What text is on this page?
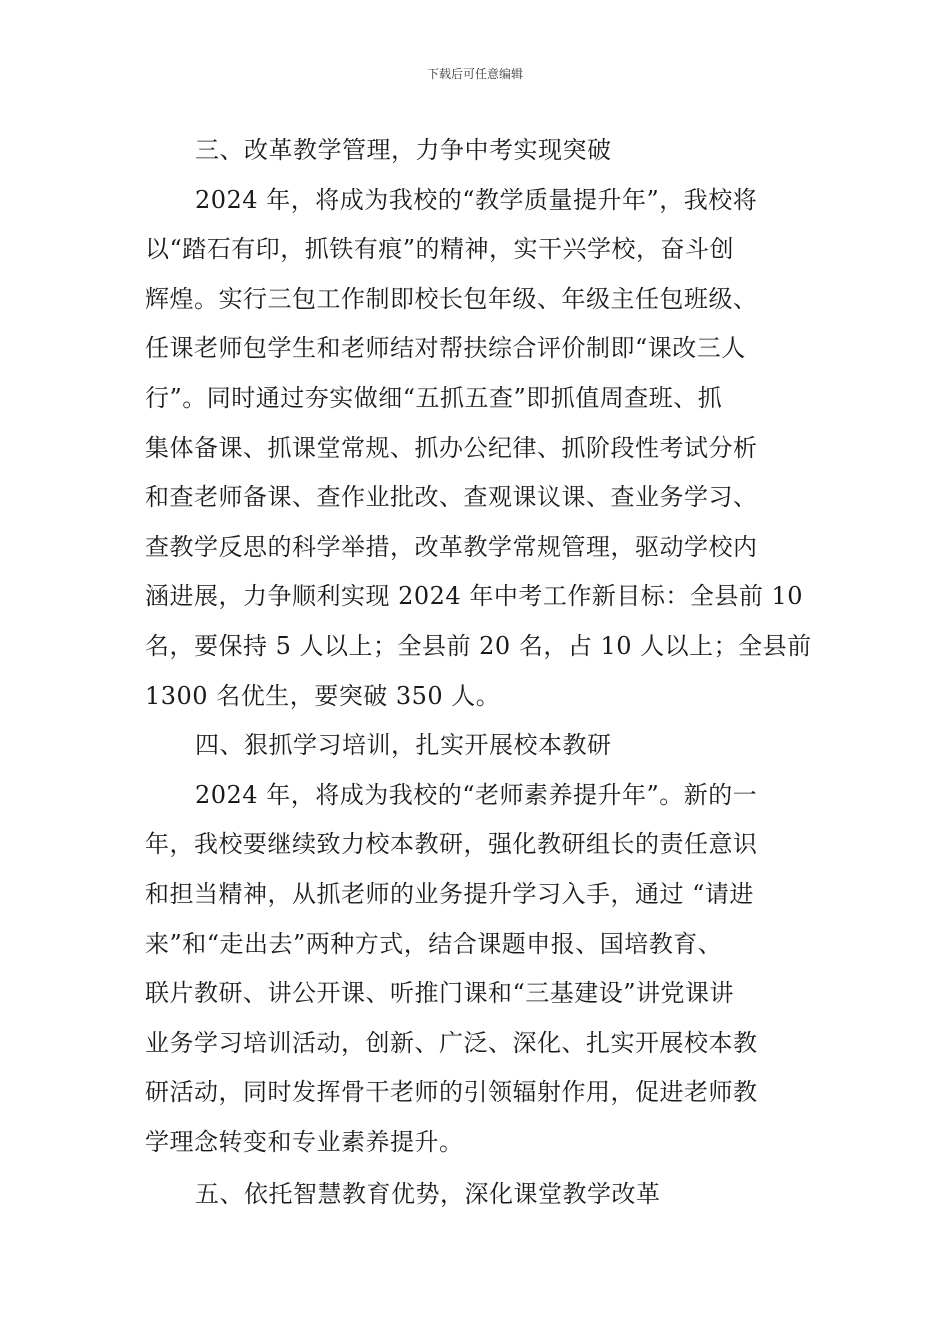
下载后可任意编辑
三、改革教学管理，力争中考实现突破
2024 年，将成为我校的“教学质量提升年”，我校将
以“踏石有印，抓铁有痕”的精神，实干兴学校，奋斗创
辉煌。实行三包工作制即校长包年级、年级主任包班级、
任课老师包学生和老师结对帮扶综合评价制即“课改三人
行”。同时通过夯实做细“五抓五查”即抓值周查班、抓
集体备课、抓课堂常规、抓办公纪律、抓阶段性考试分析
和查老师备课、查作业批改、查观课议课、查业务学习、
查教学反思的科学举措，改革教学常规管理，驱动学校内
涵进展，力争顺利实现 2024 年中考工作新目标：全县前 10
名，要保持 5 人以上；全县前 20 名，占 10 人以上；全县前
1300 名优生，要突破 350 人。
四、狠抓学习培训，扎实开展校本教研
2024 年，将成为我校的“老师素养提升年”。新的一
年，我校要继续致力校本教研，强化教研组长的责任意识
和担当精神，从抓老师的业务提升学习入手，通过 “请进
来”和“走出去”两种方式，结合课题申报、国培教育、
联片教研、讲公开课、听推门课和“三基建设”讲党课讲
业务学习培训活动，创新、广泛、深化、扎实开展校本教
研活动，同时发挥骨干老师的引领辐射作用，促进老师教
学理念转变和专业素养提升。
五、依托智慧教育优势，深化课堂教学改革
